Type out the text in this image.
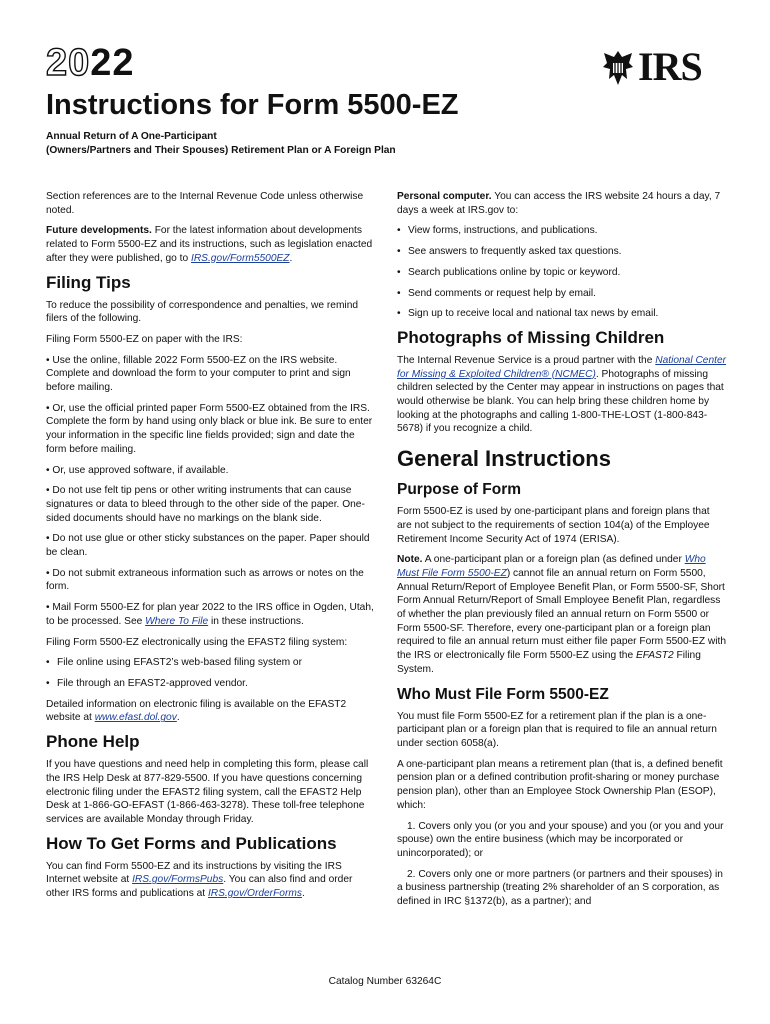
2022	IRS
Instructions for Form 5500-EZ
Annual Return of A One-Participant
(Owners/Partners and Their Spouses) Retirement Plan or A Foreign Plan

Section references are to the Internal Revenue Code unless otherwise noted.

Future developments. For the latest information about developments related to Form 5500-EZ and its instructions, such as legislation enacted after they were published, go to IRS.gov/Form5500EZ.

Filing Tips

To reduce the possibility of correspondence and penalties, we remind filers of the following.

Filing Form 5500-EZ on paper with the IRS:

• Use the online, fillable 2022 Form 5500-EZ on the IRS website. Complete and download the form to your computer to print and sign before mailing.

• Or, use the official printed paper Form 5500-EZ obtained from the IRS. Complete the form by hand using only black or blue ink. Be sure to enter your information in the specific line fields provided; sign and date the form before mailing.

• Or, use approved software, if available.

• Do not use felt tip pens or other writing instruments that can cause signatures or data to bleed through to the other side of the paper. One-sided documents should have no markings on the blank side.

• Do not use glue or other sticky substances on the paper. Paper should be clean.

• Do not submit extraneous information such as arrows or notes on the form.

• Mail Form 5500-EZ for plan year 2022 to the IRS office in Ogden, Utah, to be processed. See Where To File in these instructions.

Filing Form 5500-EZ electronically using the EFAST2 filing system:

• File online using EFAST2’s web-based filing system or
• File through an EFAST2-approved vendor.

Detailed information on electronic filing is available on the EFAST2 website at www.efast.dol.gov.

Phone Help

If you have questions and need help in completing this form, please call the IRS Help Desk at 877-829-5500. If you have questions concerning electronic filing under the EFAST2 filing system, call the EFAST2 Help Desk at 1-866-GO-EFAST (1-866-463-3278). These toll-free telephone services are available Monday through Friday.

How To Get Forms and Publications

You can find Form 5500-EZ and its instructions by visiting the IRS Internet website at IRS.gov/FormsPubs. You can also find and order other IRS forms and publications at IRS.gov/OrderForms.

Personal computer. You can access the IRS website 24 hours a day, 7 days a week at IRS.gov to:

• View forms, instructions, and publications.
• See answers to frequently asked tax questions.
• Search publications online by topic or keyword.
• Send comments or request help by email.
• Sign up to receive local and national tax news by email.
Photographs of Missing Children

The Internal Revenue Service is a proud partner with the National Center for Missing & Exploited Children® (NCMEC). Photographs of missing children selected by the Center may appear in instructions on pages that would otherwise be blank. You can help bring these children home by looking at the photographs and calling 1-800-THE-LOST (1-800-843-5678) if you recognize a child.

General Instructions
Purpose of Form

Form 5500-EZ is used by one-participant plans and foreign plans that are not subject to the requirements of section 104(a) of the Employee Retirement Income Security Act of 1974 (ERISA).

Note. A one-participant plan or a foreign plan (as defined under Who Must File Form 5500-EZ) cannot file an annual return on Form 5500, Annual Return/Report of Employee Benefit Plan, or Form 5500-SF, Short Form Annual Return/Report of Small Employee Benefit Plan, regardless of whether the plan previously filed an annual return on Form 5500 or Form 5500-SF. Therefore, every one-participant plan or a foreign plan required to file an annual return must either file paper Form 5500-EZ with the IRS or electronically file Form 5500-EZ using the EFAST2 Filing System.

Who Must File Form 5500-EZ

You must file Form 5500-EZ for a retirement plan if the plan is a one-participant plan or a foreign plan that is required to file an annual return under section 6058(a).

A one-participant plan means a retirement plan (that is, a defined benefit pension plan or a defined contribution profit-sharing or money purchase pension plan), other than an Employee Stock Ownership Plan (ESOP), which:

1. Covers only you (or you and your spouse) and you (or you and your spouse) own the entire business (which may be incorporated or unincorporated); or

2. Covers only one or more partners (or partners and their spouses) in a business partnership (treating 2% shareholder of an S corporation, as defined in IRC §1372(b), as a partner); and

Catalog Number 63264C
